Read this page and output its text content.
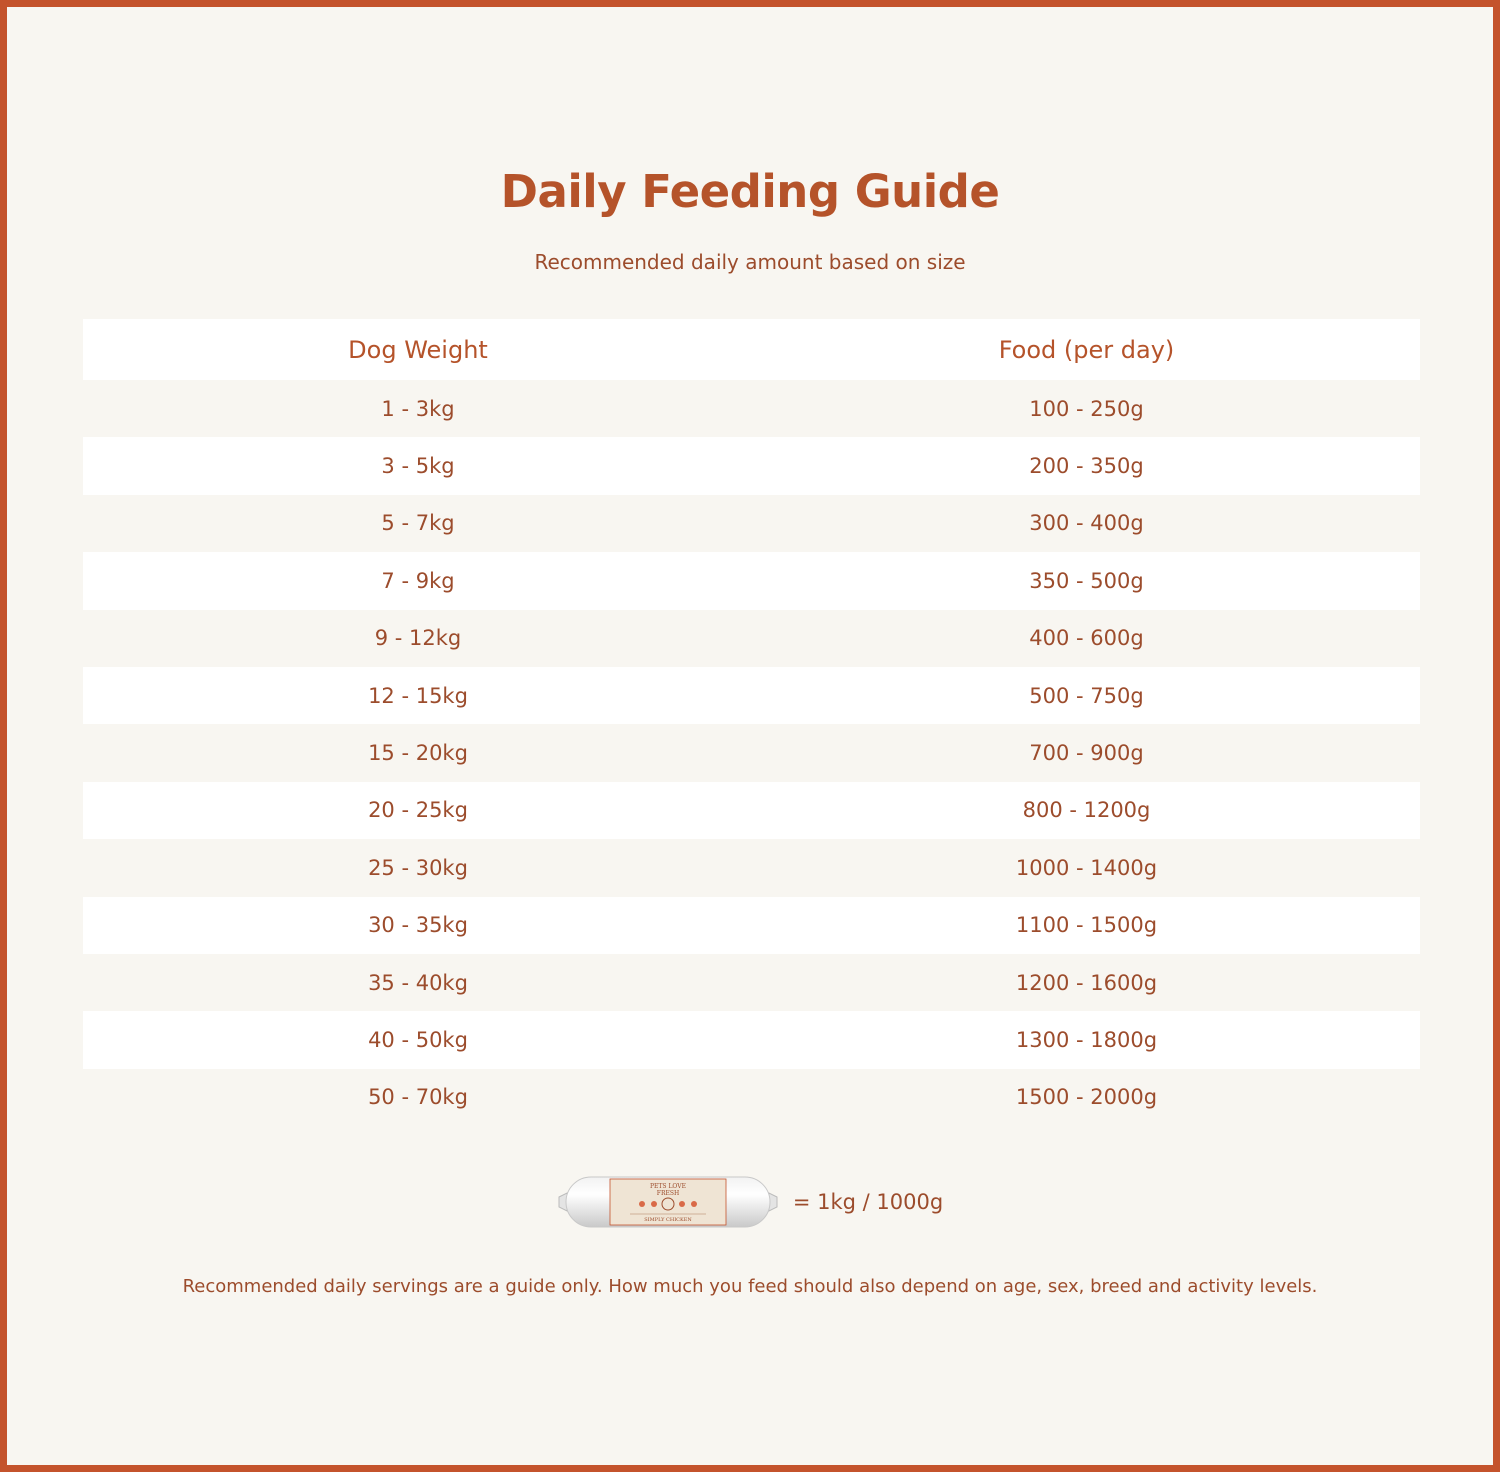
Daily Feeding Guide
Recommended daily amount based on size
Dog Weight	Food (per day)
1 - 3kg	100 - 250g
3 - 5kg	200 - 350g
5 - 7kg	300 - 400g
7 - 9kg	350 - 500g
9 - 12kg	400 - 600g
12 - 15kg	500 - 750g
15 - 20kg	700 - 900g
20 - 25kg	800 - 1200g
25 - 30kg	1000 - 1400g
30 - 35kg	1100 - 1500g
35 - 40kg	1200 - 1600g
40 - 50kg	1300 - 1800g
50 - 70kg	1500 - 2000g
PETS LOVE
FRESH
SIMPLY CHICKEN
= 1kg / 1000g
Recommended daily servings are a guide only. How much you feed should also depend on age, sex, breed and activity levels.
